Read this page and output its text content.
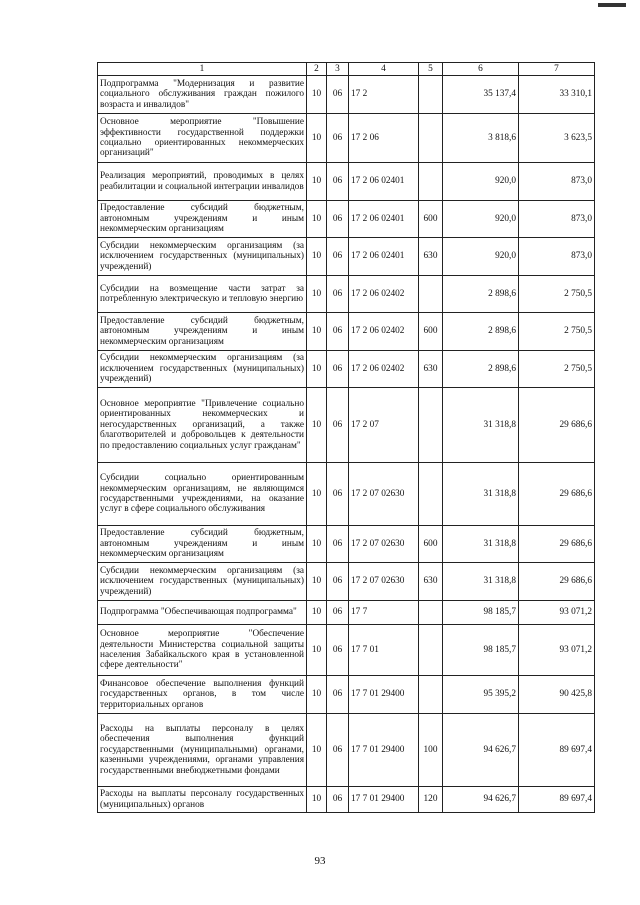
1	2	3	4	5	6	7
Подпрограмма "Модернизация и развитие социального обслуживания граждан пожилого возраста и инвалидов"	10	06	17 2		35 137,4	33 310,1
Основное мероприятие "Повышение эффективности государственной поддержки социально ориентированных некоммерческих организаций"	10	06	17 2 06		3 818,6	3 623,5
Реализация мероприятий, проводимых в целях реабилитации и социальной интеграции инвалидов	10	06	17 2 06 02401		920,0	873,0
Предоставление субсидий бюджетным, автономным учреждениям и иным некоммерческим организациям	10	06	17 2 06 02401	600	920,0	873,0
Субсидии некоммерческим организациям (за исключением государственных (муниципальных) учреждений)	10	06	17 2 06 02401	630	920,0	873,0
Субсидии на возмещение части затрат за потребленную электрическую и тепловую энергию	10	06	17 2 06 02402		2 898,6	2 750,5
Предоставление субсидий бюджетным, автономным учреждениям и иным некоммерческим организациям	10	06	17 2 06 02402	600	2 898,6	2 750,5
Субсидии некоммерческим организациям (за исключением государственных (муниципальных) учреждений)	10	06	17 2 06 02402	630	2 898,6	2 750,5
Основное мероприятие "Привлечение социально ориентированных некоммерческих и негосударственных организаций, а также благотворителей и добровольцев к деятельности по предоставлению социальных услуг гражданам"	10	06	17 2 07		31 318,8	29 686,6
Субсидии социально ориентированным некоммерческим организациям, не являющимся государственными учреждениями, на оказание услуг в сфере социального обслуживания	10	06	17 2 07 02630		31 318,8	29 686,6
Предоставление субсидий бюджетным, автономным учреждениям и иным некоммерческим организациям	10	06	17 2 07 02630	600	31 318,8	29 686,6
Субсидии некоммерческим организациям (за исключением государственных (муниципальных) учреждений)	10	06	17 2 07 02630	630	31 318,8	29 686,6
Подпрограмма "Обеспечивающая подпрограмма"	10	06	17 7		98 185,7	93 071,2
Основное мероприятие "Обеспечение деятельности Министерства социальной защиты населения Забайкальского края в установленной сфере деятельности"	10	06	17 7 01		98 185,7	93 071,2
Финансовое обеспечение выполнения функций государственных органов, в том числе территориальных органов	10	06	17 7 01 29400		95 395,2	90 425,8
Расходы на выплаты персоналу в целях обеспечения выполнения функций государственными (муниципальными) органами, казенными учреждениями, органами управления государственными внебюджетными фондами	10	06	17 7 01 29400	100	94 626,7	89 697,4
Расходы на выплаты персоналу государственных (муниципальных) органов	10	06	17 7 01 29400	120	94 626,7	89 697,4
93
